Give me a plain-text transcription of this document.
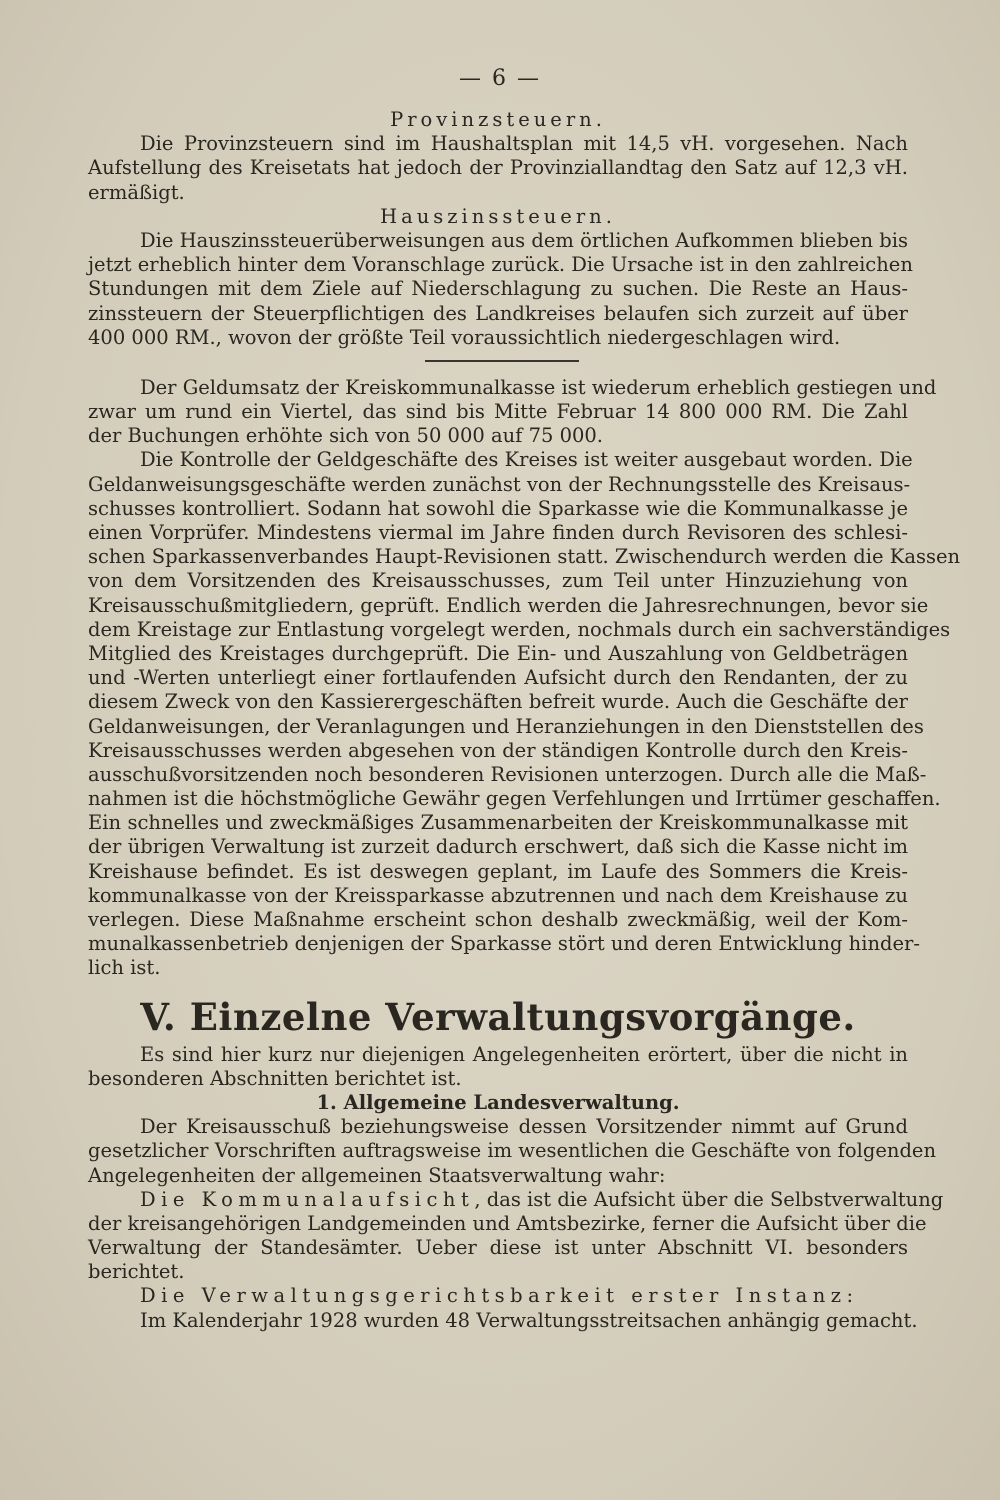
— 6 —
Provinzsteuern.
Die Provinzsteuern sind im Haushaltsplan mit 14,5 vH. vorgesehen. Nach
Aufstellung des Kreisetats hat jedoch der Provinziallandtag den Satz auf 12,3 vH.
ermäßigt.
Hauszinssteuern.
Die Hauszinssteuerüberweisungen aus dem örtlichen Aufkommen blieben bis
jetzt erheblich hinter dem Voranschlage zurück. Die Ursache ist in den zahlreichen
Stundungen mit dem Ziele auf Niederschlagung zu suchen. Die Reste an Haus-
zinssteuern der Steuerpflichtigen des Landkreises belaufen sich zurzeit auf über
400 000 RM., wovon der größte Teil voraussichtlich niedergeschlagen wird.
Der Geldumsatz der Kreiskommunalkasse ist wiederum erheblich gestiegen und
zwar um rund ein Viertel, das sind bis Mitte Februar 14 800 000 RM. Die Zahl
der Buchungen erhöhte sich von 50 000 auf 75 000.
Die Kontrolle der Geldgeschäfte des Kreises ist weiter ausgebaut worden. Die
Geldanweisungsgeschäfte werden zunächst von der Rechnungsstelle des Kreisaus-
schusses kontrolliert. Sodann hat sowohl die Sparkasse wie die Kommunalkasse je
einen Vorprüfer. Mindestens viermal im Jahre finden durch Revisoren des schlesi-
schen Sparkassenverbandes Haupt-Revisionen statt. Zwischendurch werden die Kassen
von dem Vorsitzenden des Kreisausschusses, zum Teil unter Hinzuziehung von
Kreisausschußmitgliedern, geprüft. Endlich werden die Jahresrechnungen, bevor sie
dem Kreistage zur Entlastung vorgelegt werden, nochmals durch ein sachverständiges
Mitglied des Kreistages durchgeprüft. Die Ein- und Auszahlung von Geldbeträgen
und -Werten unterliegt einer fortlaufenden Aufsicht durch den Rendanten, der zu
diesem Zweck von den Kassierergeschäften befreit wurde. Auch die Geschäfte der
Geldanweisungen, der Veranlagungen und Heranziehungen in den Dienststellen des
Kreisausschusses werden abgesehen von der ständigen Kontrolle durch den Kreis-
ausschußvorsitzenden noch besonderen Revisionen unterzogen. Durch alle die Maß-
nahmen ist die höchstmögliche Gewähr gegen Verfehlungen und Irrtümer geschaffen.
Ein schnelles und zweckmäßiges Zusammenarbeiten der Kreiskommunalkasse mit
der übrigen Verwaltung ist zurzeit dadurch erschwert, daß sich die Kasse nicht im
Kreishause befindet. Es ist deswegen geplant, im Laufe des Sommers die Kreis-
kommunalkasse von der Kreissparkasse abzutrennen und nach dem Kreishause zu
verlegen. Diese Maßnahme erscheint schon deshalb zweckmäßig, weil der Kom-
munalkassenbetrieb denjenigen der Sparkasse stört und deren Entwicklung hinder-
lich ist.
V. Einzelne Verwaltungsvorgänge.
Es sind hier kurz nur diejenigen Angelegenheiten erörtert, über die nicht in
besonderen Abschnitten berichtet ist.
1. Allgemeine Landesverwaltung.
Der Kreisausschuß beziehungsweise dessen Vorsitzender nimmt auf Grund
gesetzlicher Vorschriften auftragsweise im wesentlichen die Geschäfte von folgenden
Angelegenheiten der allgemeinen Staatsverwaltung wahr:
Die Kommunalaufsicht, das ist die Aufsicht über die Selbstverwaltung
der kreisangehörigen Landgemeinden und Amtsbezirke, ferner die Aufsicht über die
Verwaltung der Standesämter. Ueber diese ist unter Abschnitt VI. besonders
berichtet.
Die Verwaltungsgerichtsbarkeit erster Instanz:
Im Kalenderjahr 1928 wurden 48 Verwaltungsstreitsachen anhängig gemacht.
